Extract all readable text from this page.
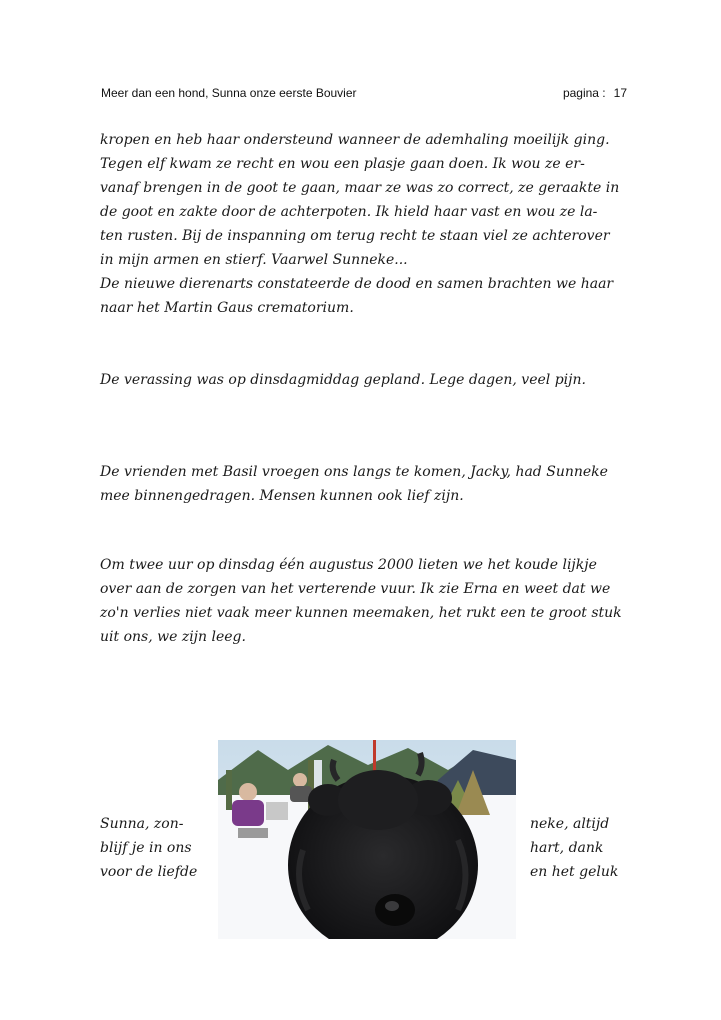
Meer dan een hond, Sunna onze eerste Bouvier	pagina : 17

kropen en heb haar ondersteund wanneer de ademhaling moeilijk ging.
Tegen elf kwam ze recht en wou een plasje gaan doen. Ik wou ze er-
vanaf brengen in de goot te gaan, maar ze was zo correct, ze geraakte in
de goot en zakte door de achterpoten. Ik hield haar vast en wou ze la-
ten rusten. Bij de inspanning om terug recht te staan viel ze achterover
in mijn armen en stierf. Vaarwel Sunneke...
De nieuwe dierenarts constateerde de dood en samen brachten we haar
naar het Martin Gaus crematorium.

De verassing was op dinsdagmiddag gepland. Lege dagen, veel pijn.

De vrienden met Basil vroegen ons langs te komen, Jacky, had Sunneke
mee binnengedragen. Mensen kunnen ook lief zijn.

Om twee uur op dinsdag één augustus 2000 lieten we het koude lijkje
over aan de zorgen van het verterende vuur. Ik zie Erna en weet dat we
zo'n verlies niet vaak meer kunnen meemaken, het rukt een te groot stuk
uit ons, we zijn leeg.

Sunna, zon-
blijf je in ons
voor de liefde

neke, altijd
hart, dank
en het geluk
